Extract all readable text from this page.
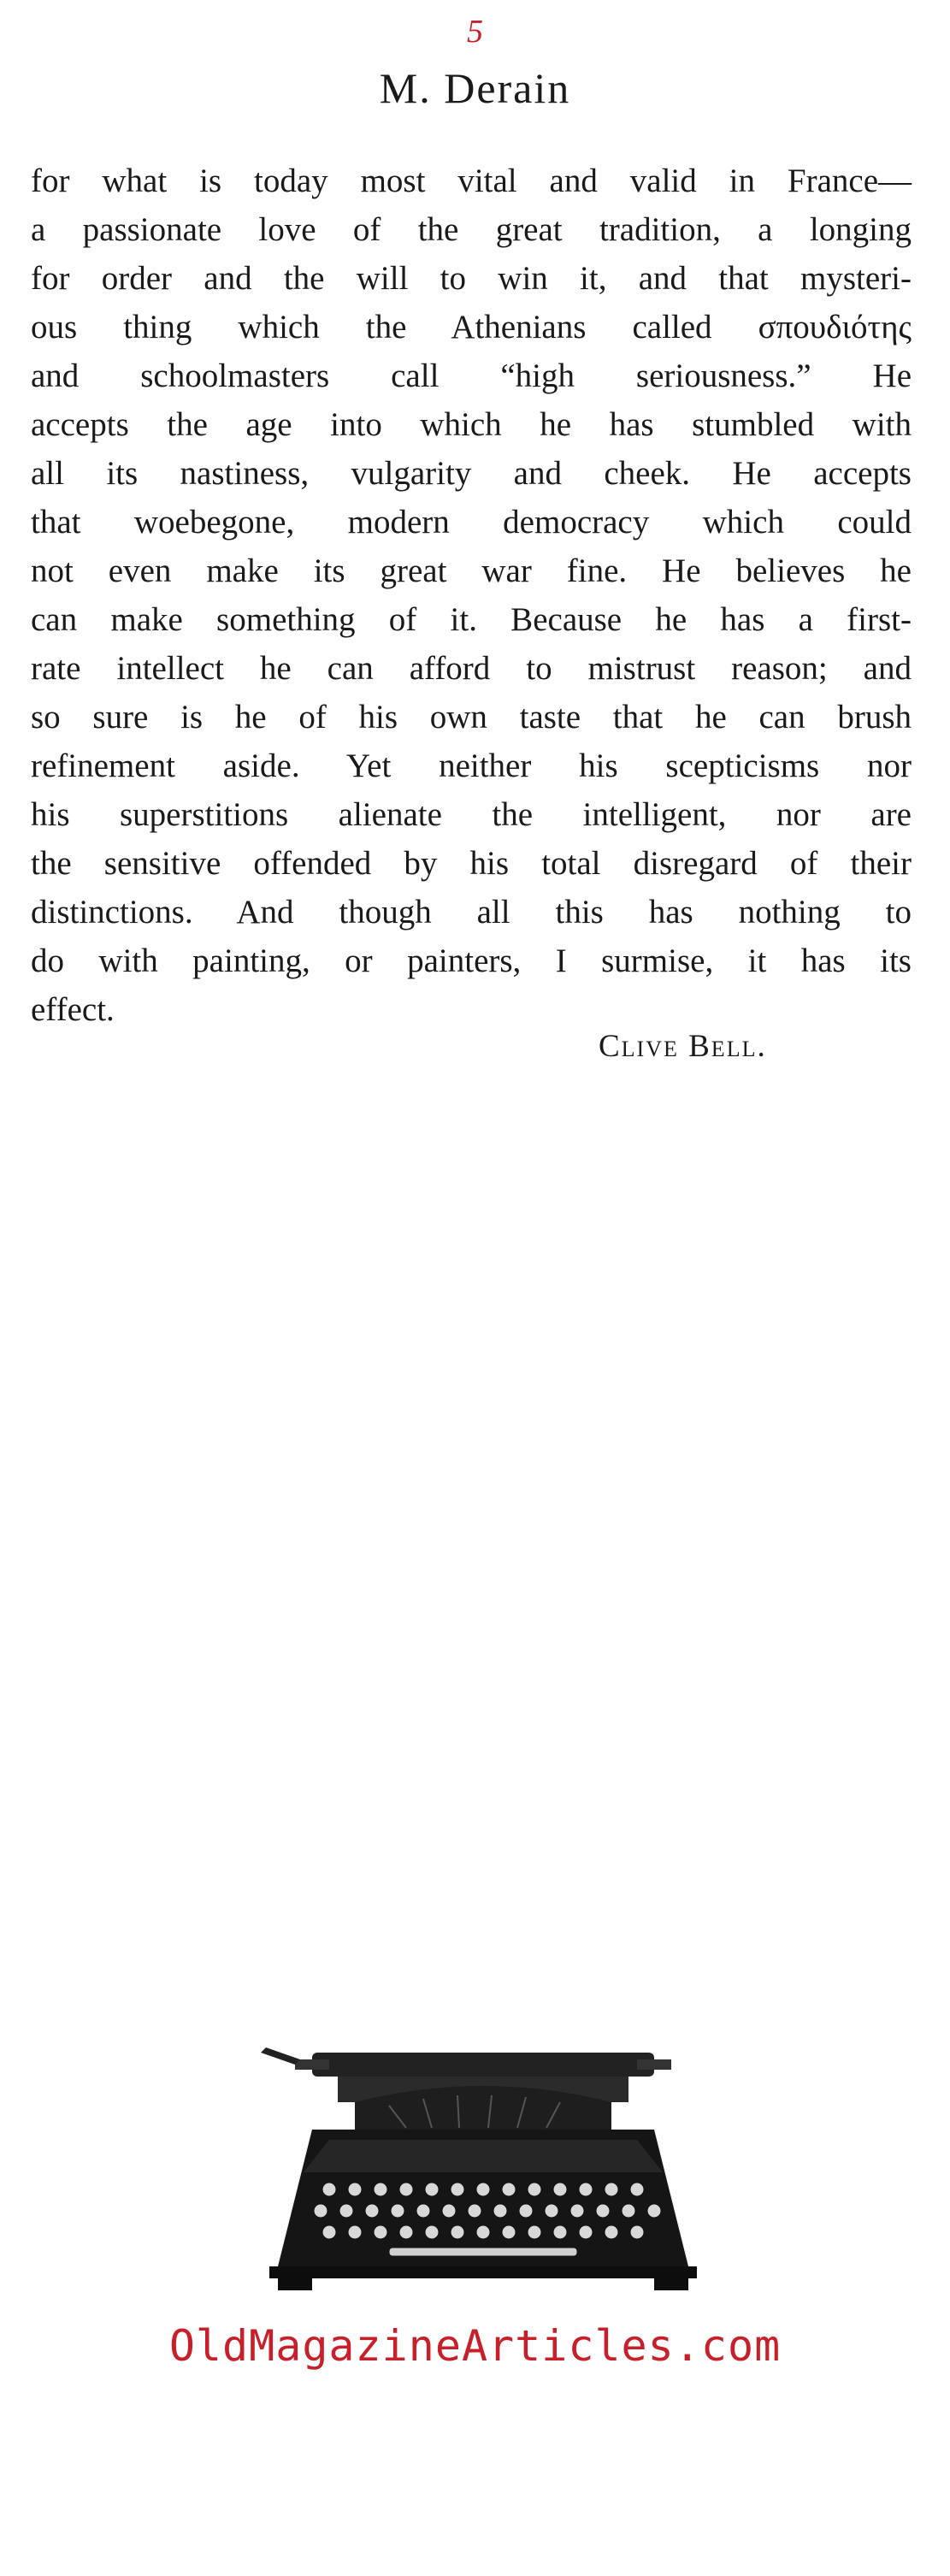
5
M. Derain
for what is today most vital and valid in France—
a passionate love of the great tradition, a longing
for order and the will to win it, and that mysteri-
ous thing which the Athenians called σπουδιότης
and schoolmasters call “high seriousness.” He
accepts the age into which he has stumbled with
all its nastiness, vulgarity and cheek. He accepts
that woebegone, modern democracy which could
not even make its great war fine. He believes he
can make something of it. Because he has a first-
rate intellect he can afford to mistrust reason; and
so sure is he of his own taste that he can brush
refinement aside. Yet neither his scepticisms nor
his superstitions alienate the intelligent, nor are
the sensitive offended by his total disregard of their
distinctions. And though all this has nothing to
do with painting, or painters, I surmise, it has its
effect.
Clive Bell.
OldMagazineArticles.com
